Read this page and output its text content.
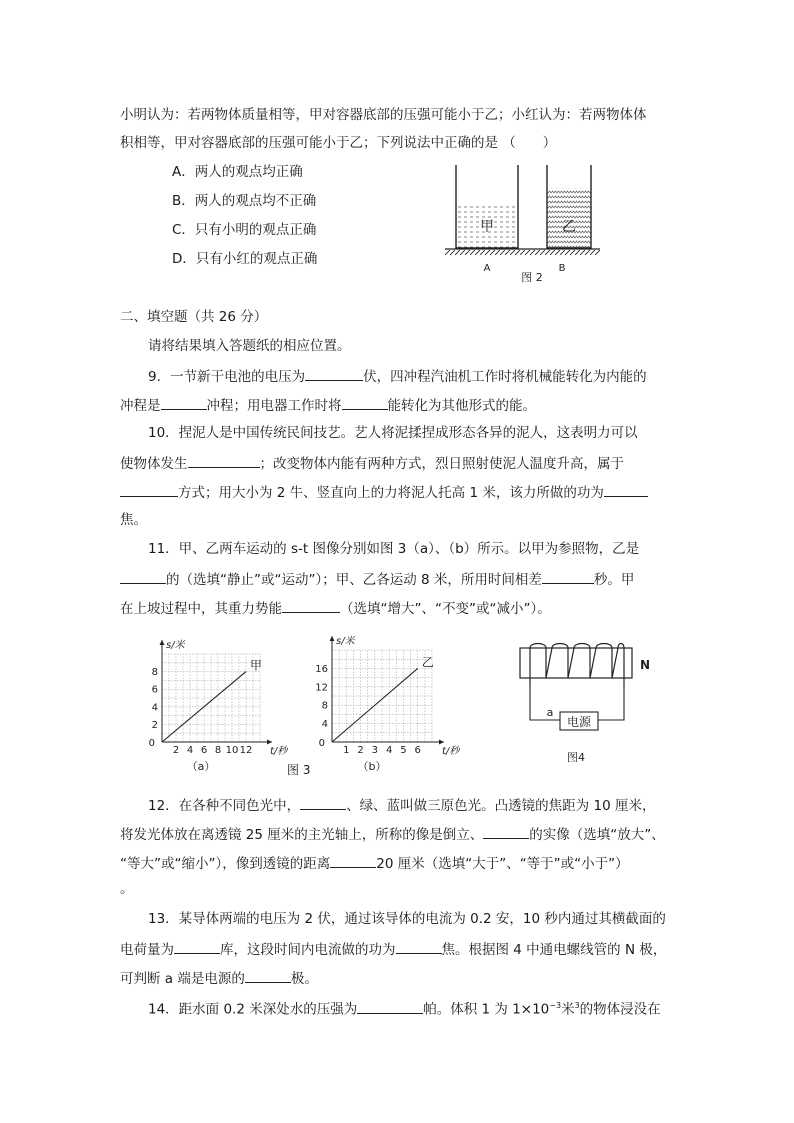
小明认为：若两物体质量相等，甲对容器底部的压强可能小于乙；小红认为：若两物体体
积相等，甲对容器底部的压强可能小于乙；下列说法中正确的是 （　　）
A．两人的观点均正确
B．两人的观点均不正确
C．只有小明的观点正确
D．只有小红的观点正确
甲	乙
A	B
图 2
二、填空题（共 26 分）
请将结果填入答题纸的相应位置。
9．一节新干电池的电压为	伏，四冲程汽油机工作时将机械能转化为内能的
冲程是	冲程；用电器工作时将	能转化为其他形式的能。
10．捏泥人是中国传统民间技艺。艺人将泥揉捏成形态各异的泥人，这表明力可以
使物体发生	；改变物体内能有两种方式，烈日照射使泥人温度升高，属于
方式；用大小为 2 牛、竖直向上的力将泥人托高 1 米，该力所做的功为
焦。
11．甲、乙两车运动的 s-t 图像分别如图 3（a）、（b）所示。以甲为参照物，乙是
的（选填“静止”或“运动”）；甲、乙各运动 8 米，所用时间相差	秒。甲
在上坡过程中，其重力势能	（选填“增大”、“不变”或“减小”）。
2 4 6 8 10 12
2
4
6
8
0
甲
s/米
t/秒
（a）
1 2 3 4 5 6
4
8
12
16
0
乙
s/米
t/秒
（b）
图 3
电源
a
N
图4
12．在各种不同色光中，	、绿、蓝叫做三原色光。凸透镜的焦距为 10 厘米，
将发光体放在离透镜 25 厘米的主光轴上，所称的像是倒立、	的实像（选填“放大”、
“等大”或“缩小”），像到透镜的距离	20 厘米（选填“大于”、“等于”或“小于”）
。
13．某导体两端的电压为 2 伏，通过该导体的电流为 0.2 安，10 秒内通过其横截面的
电荷量为	库，这段时间内电流做的功为	焦。根据图 4 中通电螺线管的 N 极，
可判断 a 端是电源的	极。
14．距水面 0.2 米深处水的压强为	帕。体积 1 为 $1\times 10^{-3}$米$^3$的物体浸没在
